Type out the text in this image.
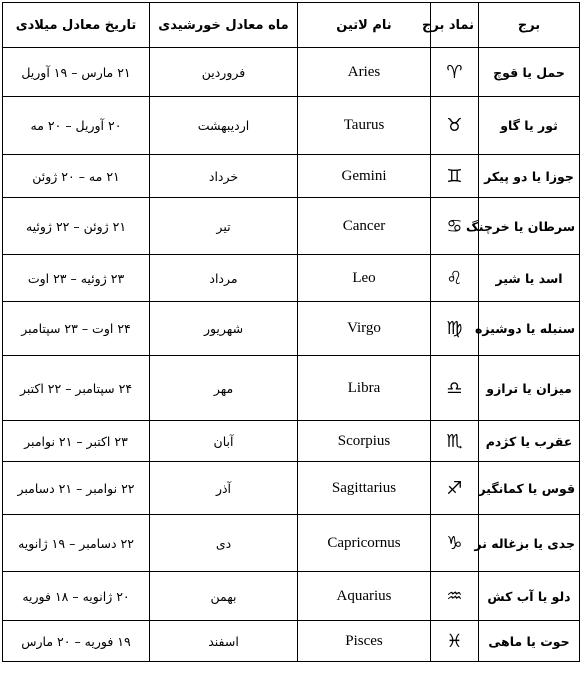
برج	نماد برج	نام لاتین	ماه معادل خورشیدی	تاریخ معادل میلادی
حمل یا قوچ	♈︎	Aries	فروردین	۲۱ مارس – ۱۹ آوریل
ثور یا گاو	♉︎	Taurus	اردیبهشت	۲۰ آوریل – ۲۰ مه
جوزا یا دو پیکر	♊︎	Gemini	خرداد	۲۱ مه – ۲۰ ژوئن
سرطان یا خرچنگ	♋︎	Cancer	تیر	۲۱ ژوئن – ۲۲ ژوئیه
اسد یا شیر	♌︎	Leo	مرداد	۲۳ ژوئیه – ۲۳ اوت
سنبله یا دوشیزه	♍︎	Virgo	شهریور	۲۴ اوت – ۲۳ سپتامبر
میزان یا ترازو	♎︎	Libra	مهر	۲۴ سپتامبر – ۲۲ اکتبر
عقرب یا کژدم	♏︎	Scorpius	آبان	۲۳ اکتبر – ۲۱ نوامبر
قوس یا کمانگیر	♐︎	Sagittarius	آذر	۲۲ نوامبر – ۲۱ دسامبر
جدی یا بزغاله نر	♑︎	Capricornus	دی	۲۲ دسامبر – ۱۹ ژانویه
دلو یا آب کش	♒︎	Aquarius	بهمن	۲۰ ژانویه – ۱۸ فوریه
حوت یا ماهی	♓︎	Pisces	اسفند	۱۹ فوریه – ۲۰ مارس
